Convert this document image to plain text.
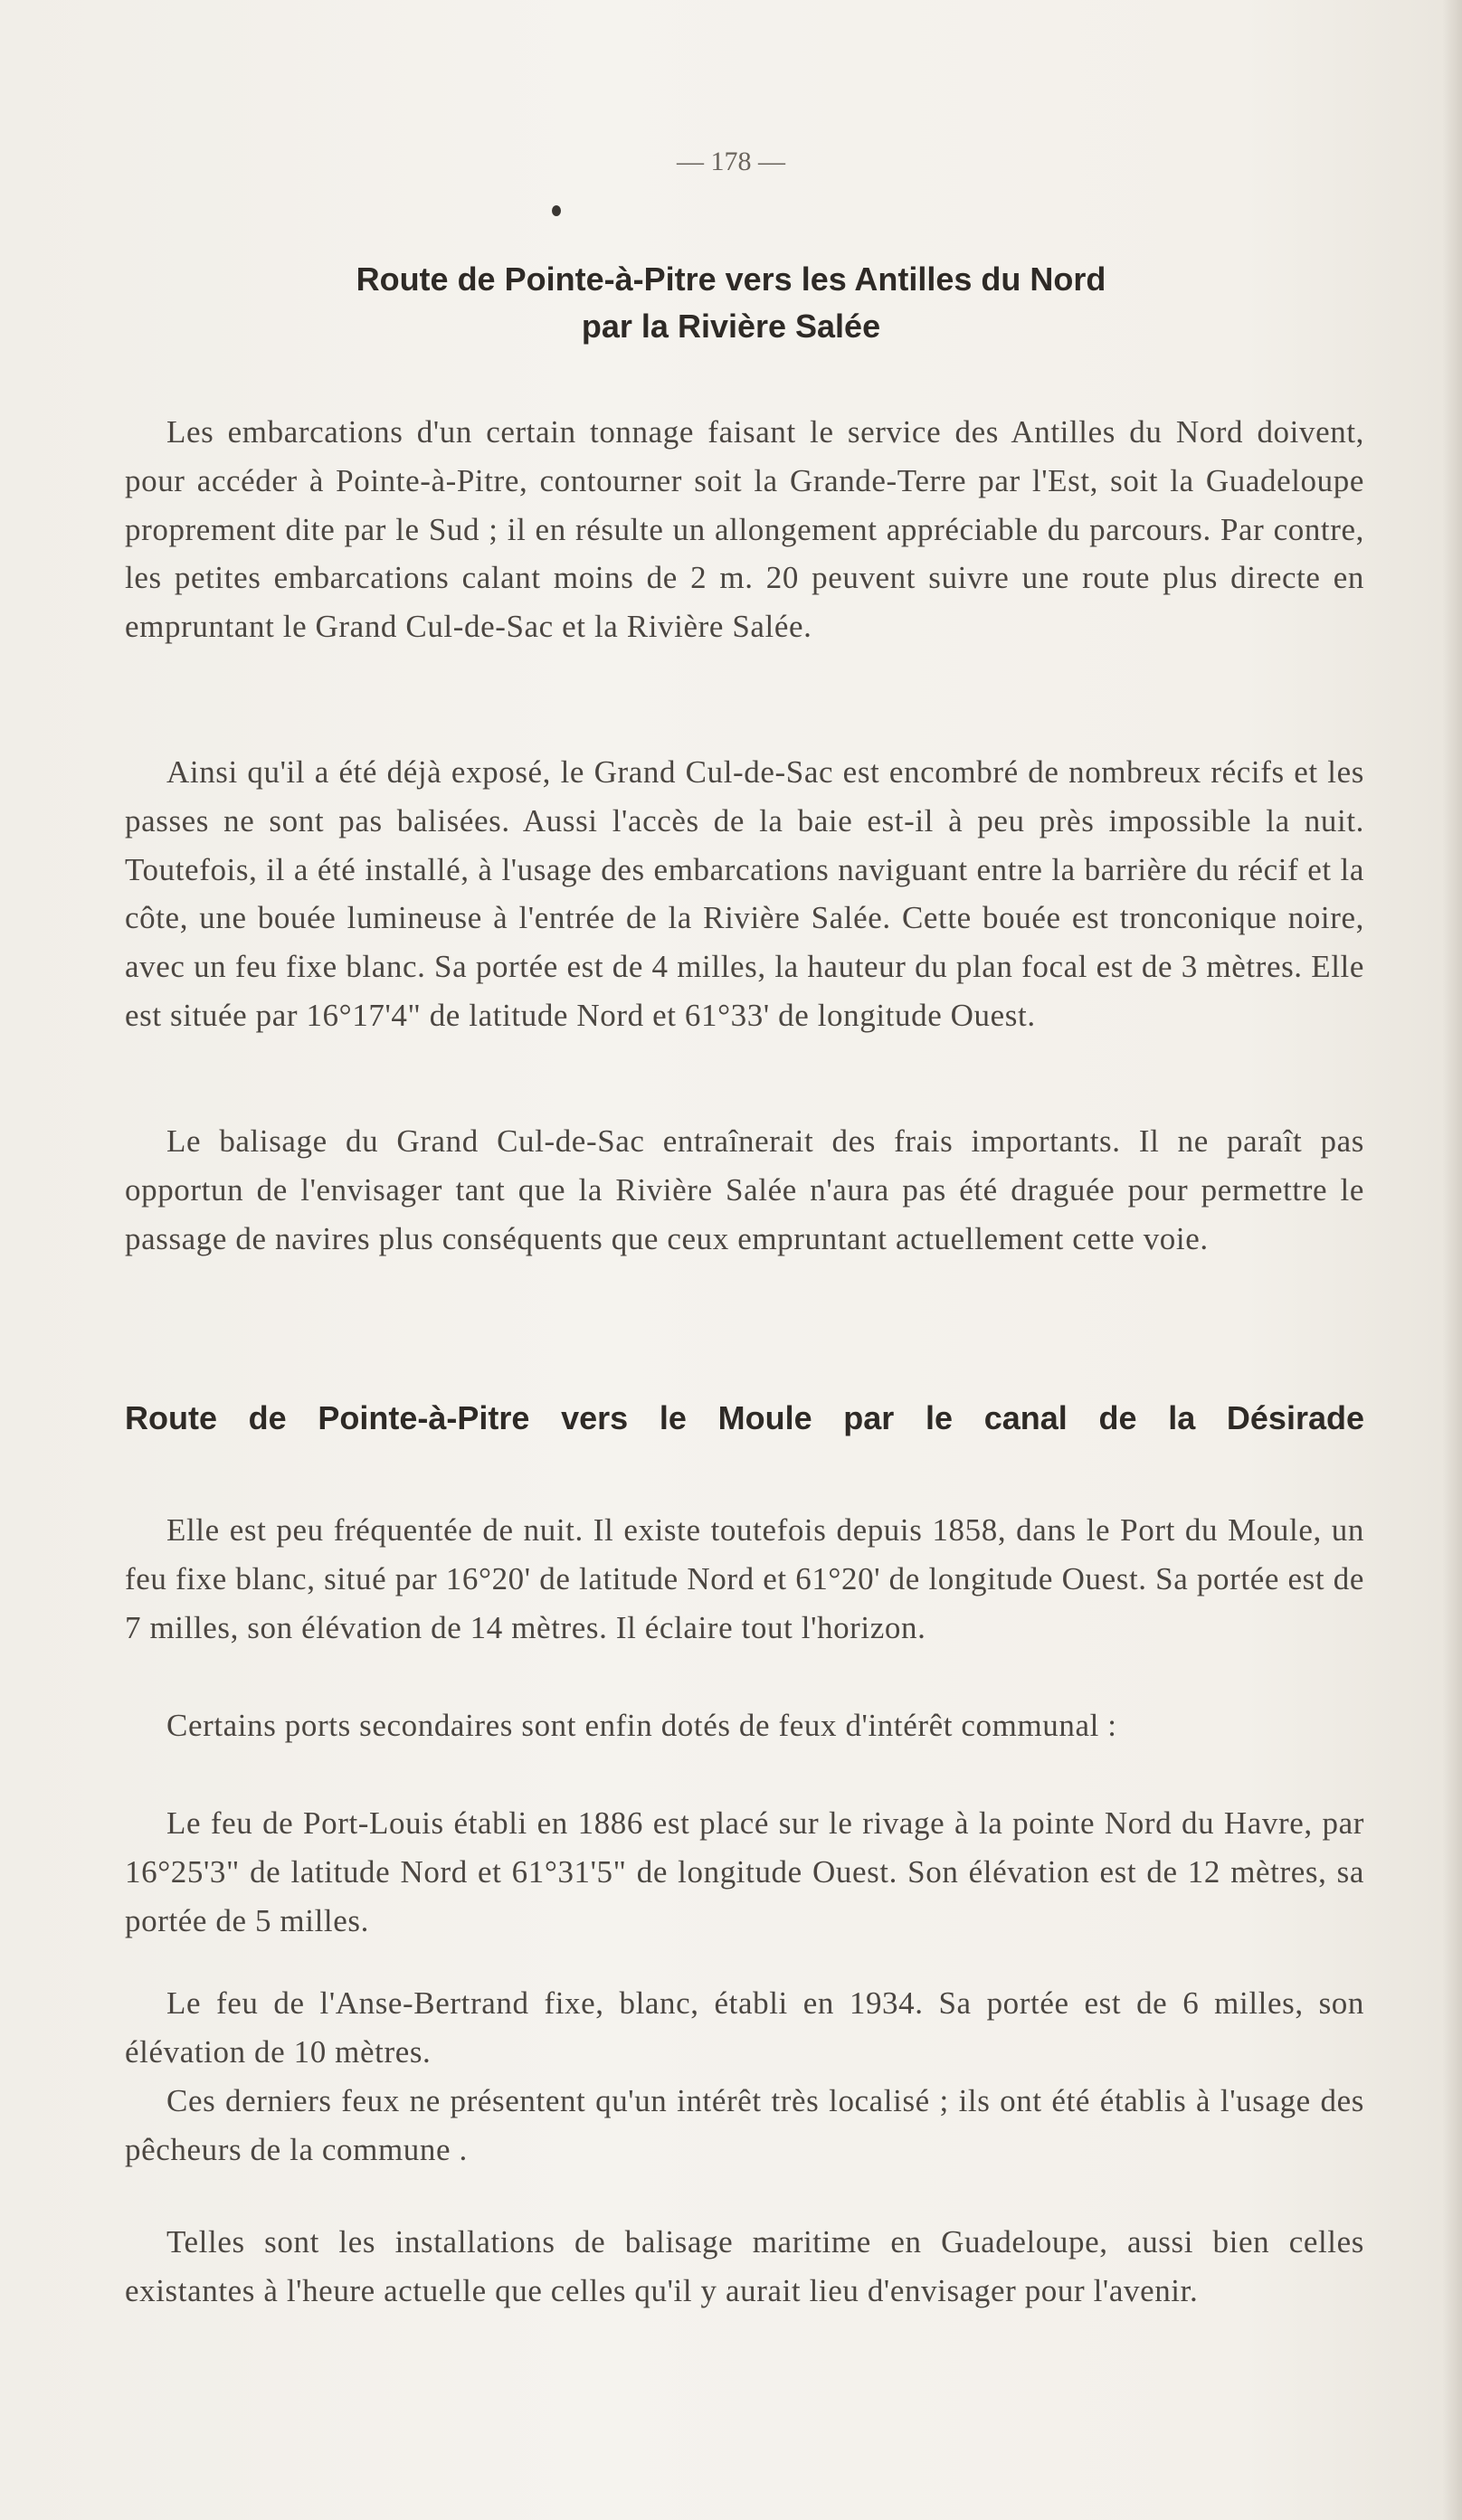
— 178 —
Route de Pointe-à-Pitre vers les Antilles du Nord
par la Rivière Salée

Les embarcations d'un certain tonnage faisant le service des Antilles du Nord doivent, pour accéder à Pointe-à-Pitre, contourner soit la Grande-Terre par l'Est, soit la Guadeloupe proprement dite par le Sud ; il en résulte un allongement appréciable du parcours. Par contre, les petites embarcations calant moins de 2 m. 20 peuvent suivre une route plus directe en empruntant le Grand Cul-de-Sac et la Rivière Salée.

Ainsi qu'il a été déjà exposé, le Grand Cul-de-Sac est encombré de nombreux récifs et les passes ne sont pas balisées. Aussi l'accès de la baie est-il à peu près impossible la nuit. Toutefois, il a été installé, à l'usage des embarcations naviguant entre la barrière du récif et la côte, une bouée lumineuse à l'entrée de la Rivière Salée. Cette bouée est tronconique noire, avec un feu fixe blanc. Sa portée est de 4 milles, la hauteur du plan focal est de 3 mètres. Elle est située par 16°17'4" de latitude Nord et 61°33' de longitude Ouest.

Le balisage du Grand Cul-de-Sac entraînerait des frais importants. Il ne paraît pas opportun de l'envisager tant que la Rivière Salée n'aura pas été draguée pour permettre le passage de navires plus conséquents que ceux empruntant actuellement cette voie.

Route de Pointe-à-Pitre vers le Moule par le canal de la Désirade

Elle est peu fréquentée de nuit. Il existe toutefois depuis 1858, dans le Port du Moule, un feu fixe blanc, situé par 16°20' de latitude Nord et 61°20' de longitude Ouest. Sa portée est de 7 milles, son élévation de 14 mètres. Il éclaire tout l'horizon.

Certains ports secondaires sont enfin dotés de feux d'intérêt communal :

Le feu de Port-Louis établi en 1886 est placé sur le rivage à la pointe Nord du Havre, par 16°25'3" de latitude Nord et 61°31'5" de longitude Ouest. Son élévation est de 12 mètres, sa portée de 5 milles.

Le feu de l'Anse-Bertrand fixe, blanc, établi en 1934. Sa portée est de 6 milles, son élévation de 10 mètres.

Ces derniers feux ne présentent qu'un intérêt très localisé ; ils ont été établis à l'usage des pêcheurs de la commune .

Telles sont les installations de balisage maritime en Guadeloupe, aussi bien celles existantes à l'heure actuelle que celles qu'il y aurait lieu d'envisager pour l'avenir.
